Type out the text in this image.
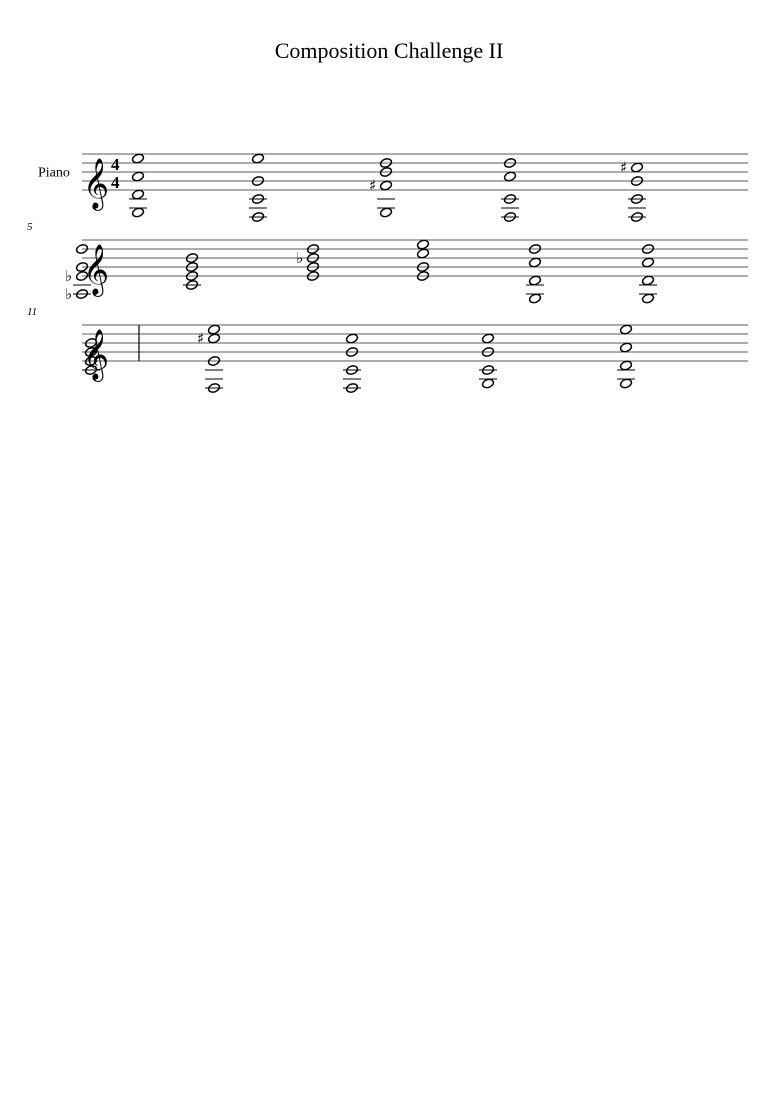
Composition Challenge II
𝄞
Piano 4
4	♯
♯
𝄞
5
♭
♭
♭
𝄞
11
♯
